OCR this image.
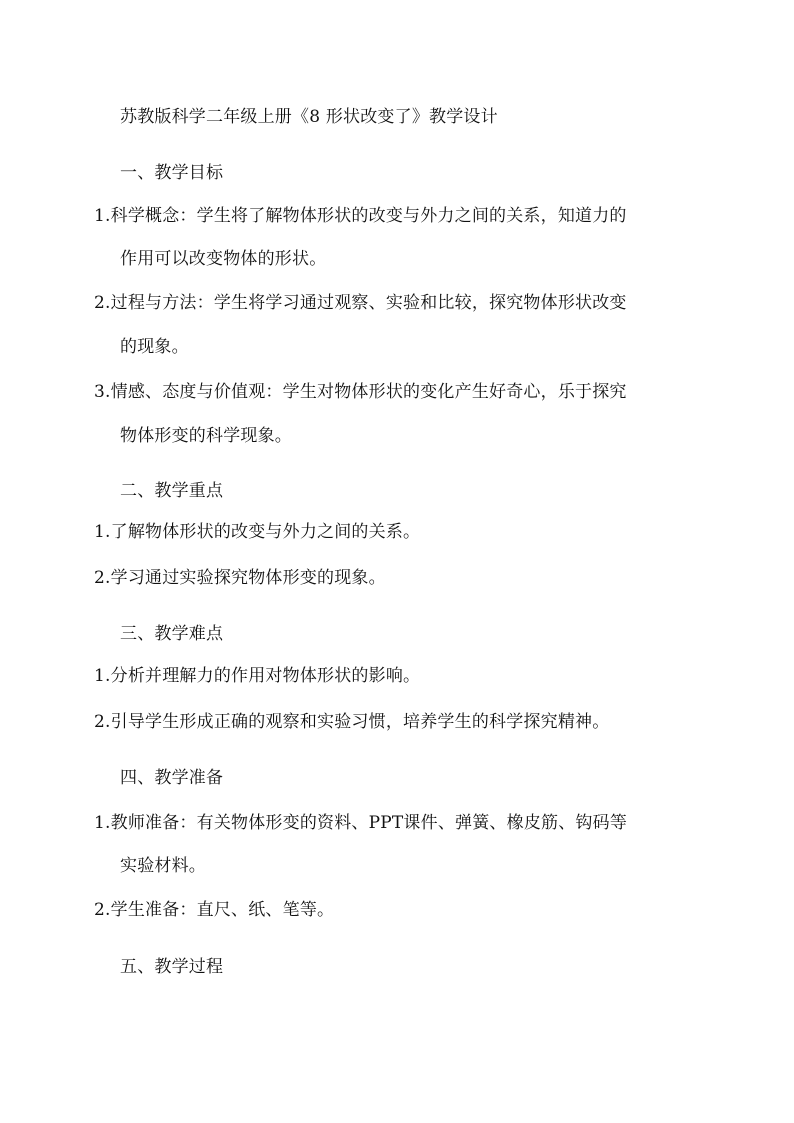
苏教版科学二年级上册《8 形状改变了》教学设计
一、教学目标
1.科学概念：学生将了解物体形状的改变与外力之间的关系，知道力的
作用可以改变物体的形状。
2.过程与方法：学生将学习通过观察、实验和比较，探究物体形状改变
的现象。
3.情感、态度与价值观：学生对物体形状的变化产生好奇心，乐于探究
物体形变的科学现象。
二、教学重点
1.了解物体形状的改变与外力之间的关系。
2.学习通过实验探究物体形变的现象。
三、教学难点
1.分析并理解力的作用对物体形状的影响。
2.引导学生形成正确的观察和实验习惯，培养学生的科学探究精神。
四、教学准备
1.教师准备：有关物体形变的资料、PPT课件、弹簧、橡皮筋、钩码等
实验材料。
2.学生准备：直尺、纸、笔等。
五、教学过程
